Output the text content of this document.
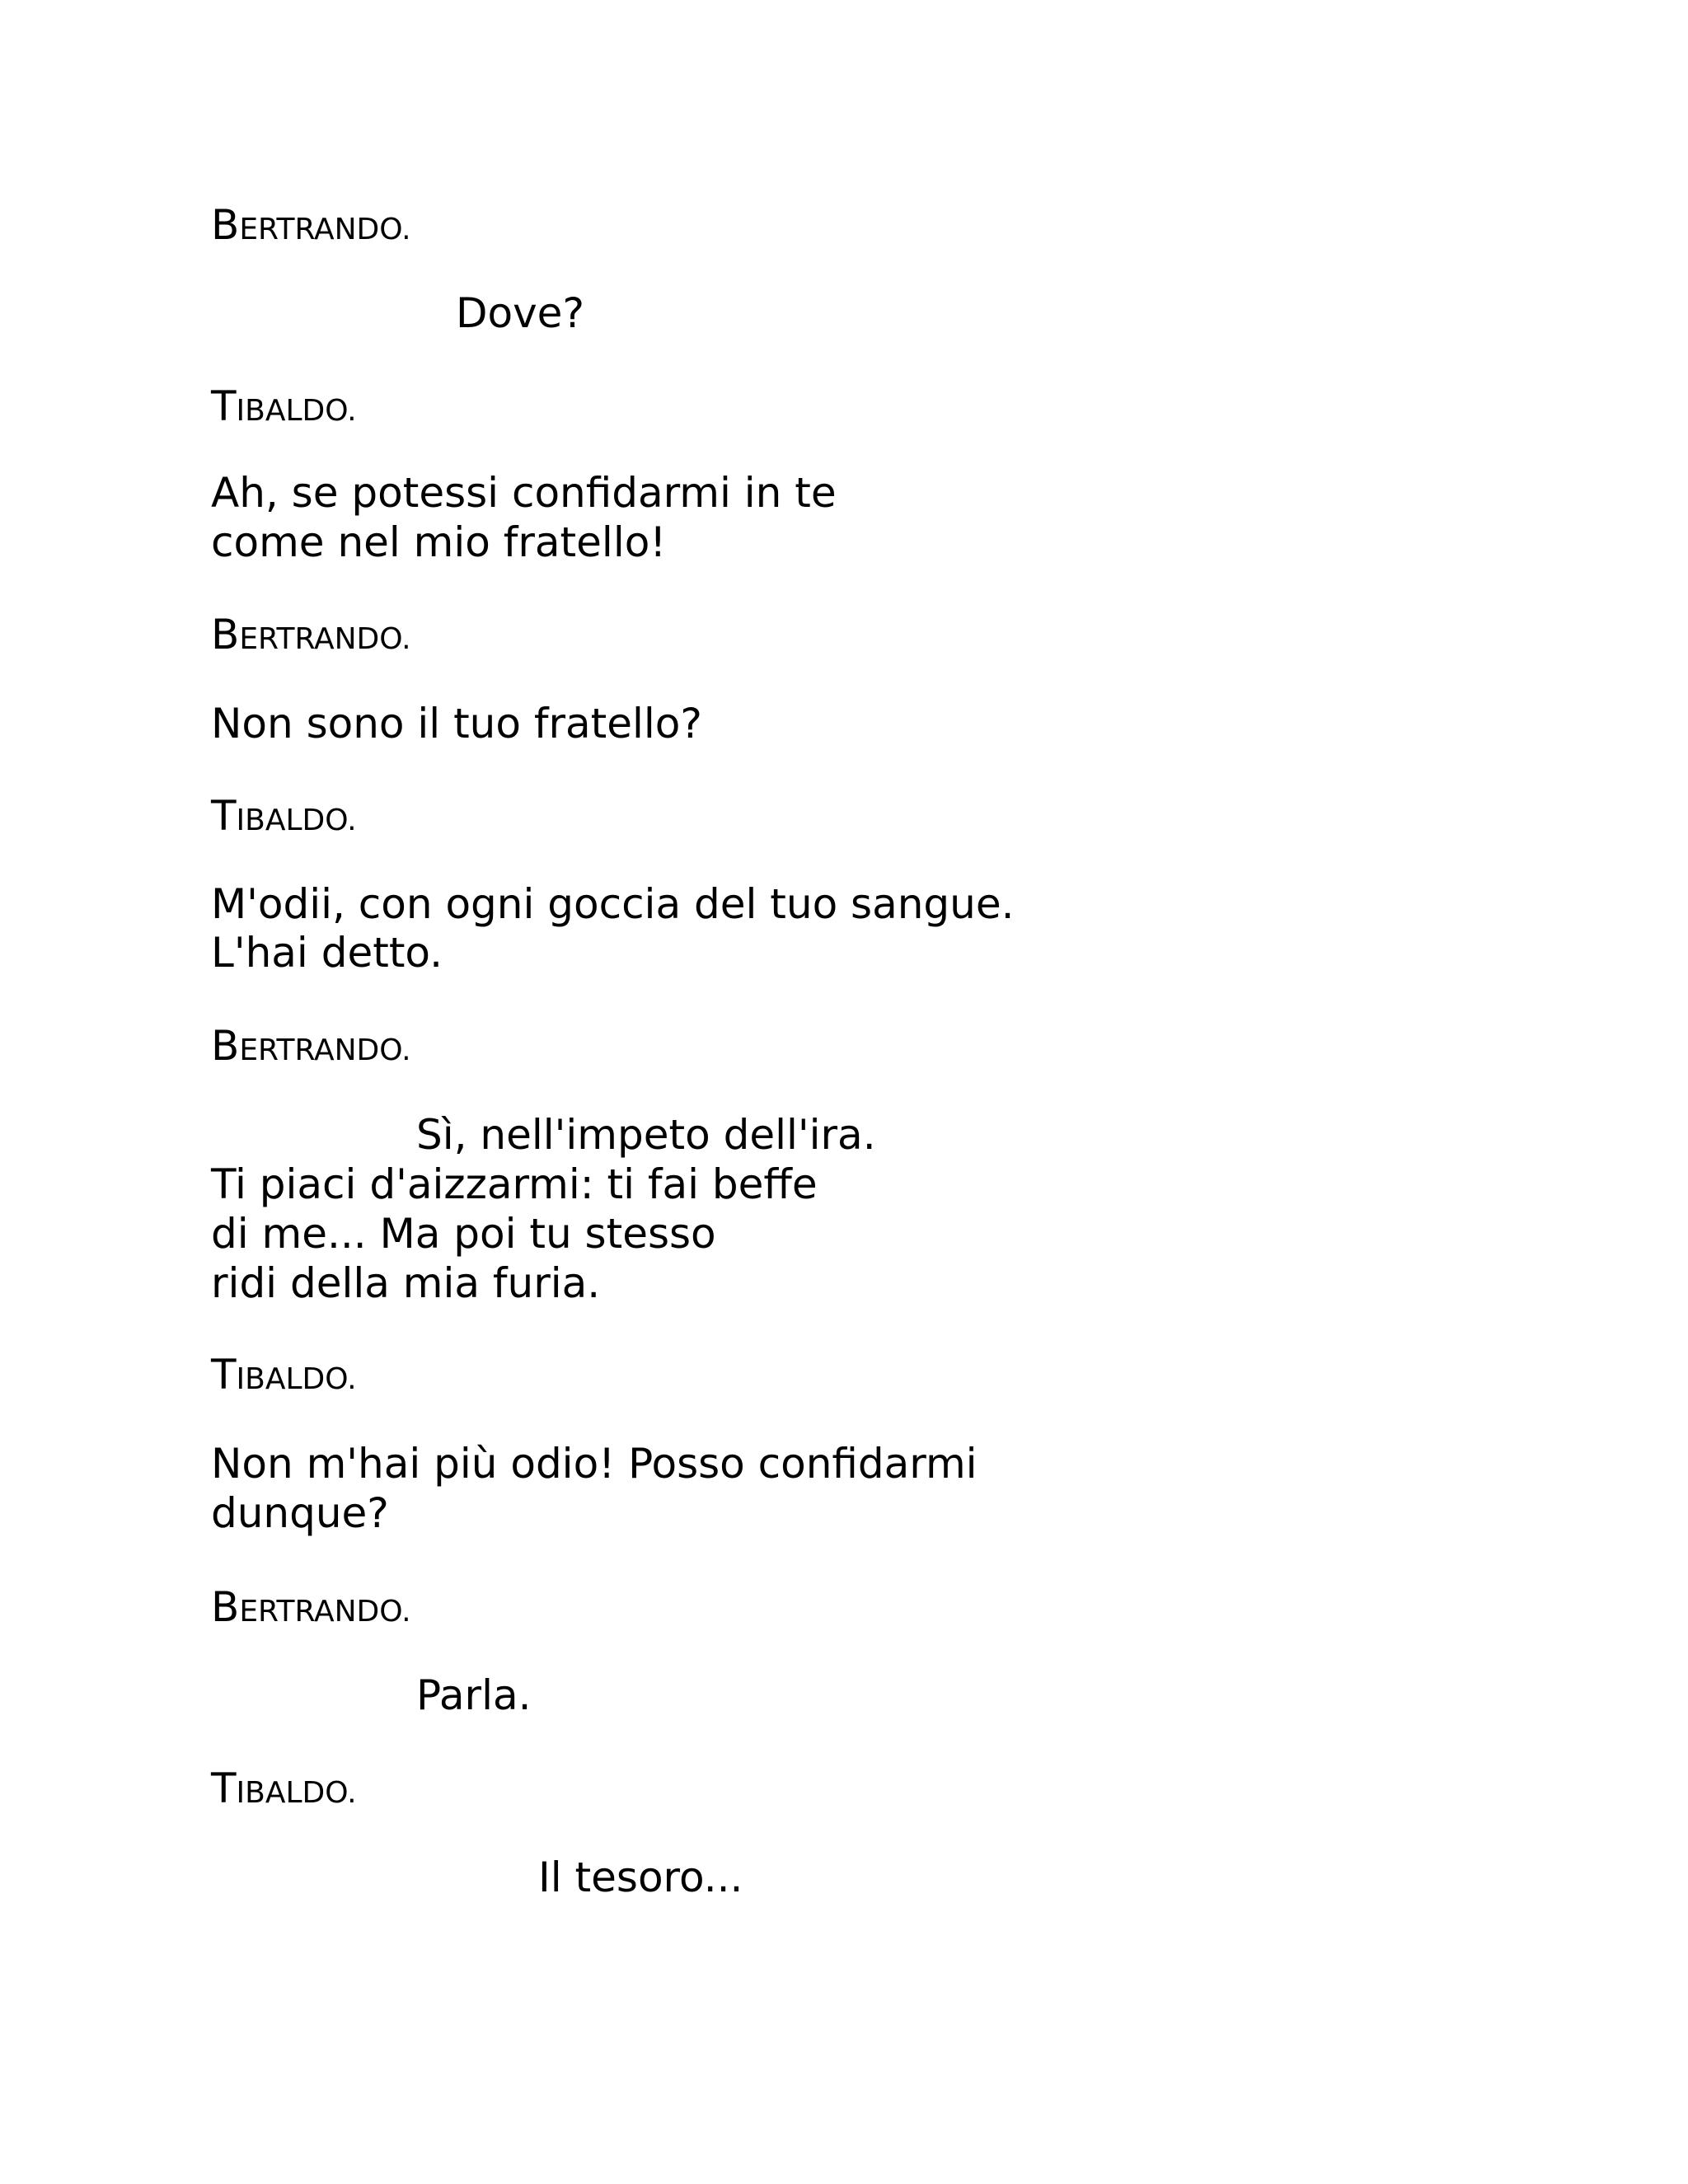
BERTRANDO.
Dove?
TIBALDO.
Ah, se potessi confidarmi in te
come nel mio fratello!
BERTRANDO.
Non sono il tuo fratello?
TIBALDO.
M'odii, con ogni goccia del tuo sangue.
L'hai detto.
BERTRANDO.
Sì, nell'impeto dell'ira.
Ti piaci d'aizzarmi: ti fai beffe
di me... Ma poi tu stesso
ridi della mia furia.
TIBALDO.
Non m'hai più odio! Posso confidarmi
dunque?
BERTRANDO.
Parla.
TIBALDO.
Il tesoro...
